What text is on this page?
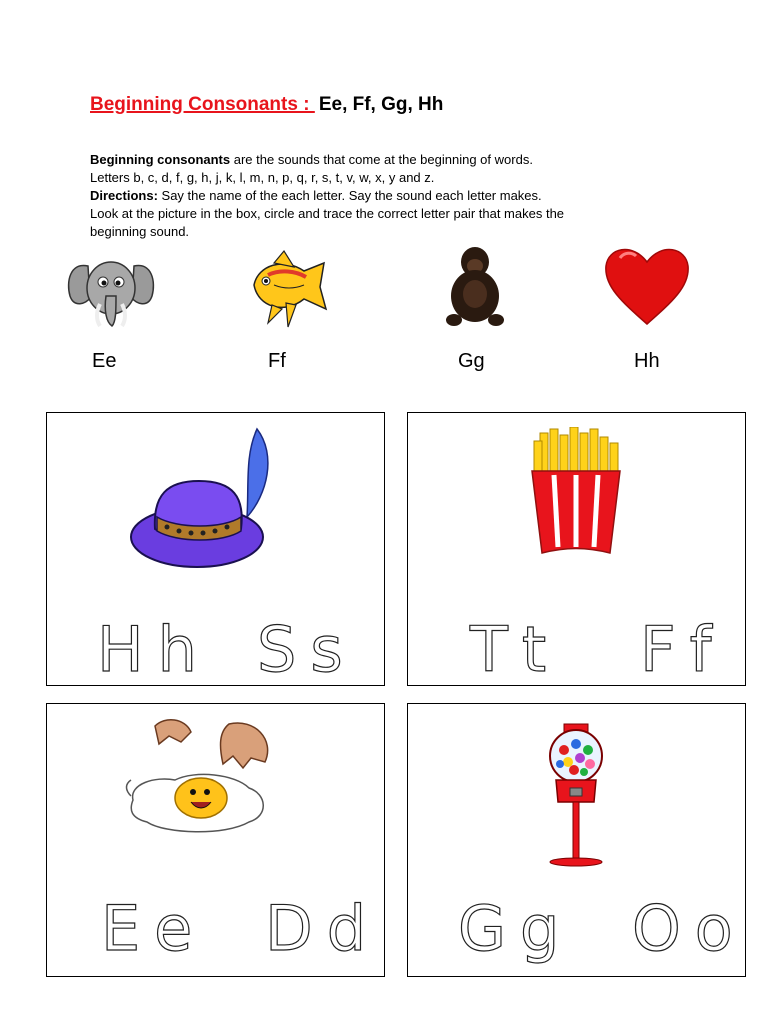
Beginning Consonants : Ee, Ff, Gg, Hh

Beginning consonants are the sounds that come at the beginning of words.

Letters b, c, d, f, g, h, j, k, l, m, n, p, q, r, s, t, v, w, x, y and z.

Directions: Say the name of the each letter. Say the sound each letter makes.

Look at the picture in the box, circle and trace the correct letter pair that makes the

beginning sound.

Ee	Ff	Gg	Hh
Hh Ss Tt Ff
Ee Dd Gg Oo
